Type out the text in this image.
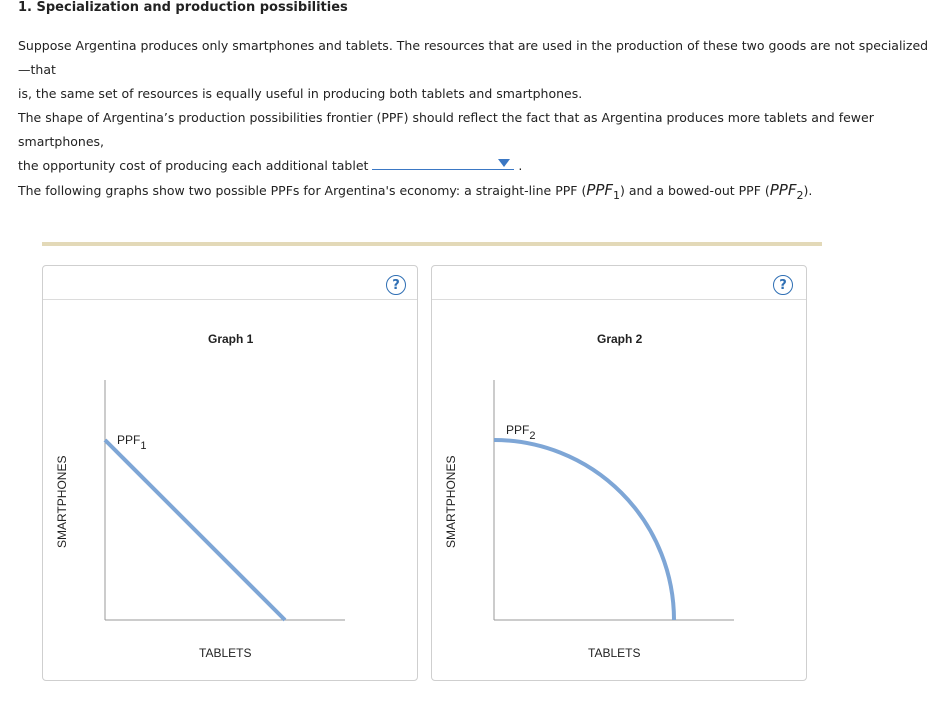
1. Specialization and production possibilities
Suppose Argentina produces only smartphones and tablets. The resources that are used in the production of these two goods are not specialized—that
is, the same set of resources is equally useful in producing both tablets and smartphones.
The shape of Argentina’s production possibilities frontier (PPF) should reflect the fact that as Argentina produces more tablets and fewer smartphones,
the opportunity cost of producing each additional tablet	.
The following graphs show two possible PPFs for Argentina's economy: a straight-line PPF $(PPF_1)$ and a bowed-out PPF $(PPF_2)$.
?
Graph 1
SMARTPHONES
TABLETS
PPF1
?
Graph 2
SMARTPHONES
TABLETS
PPF2
